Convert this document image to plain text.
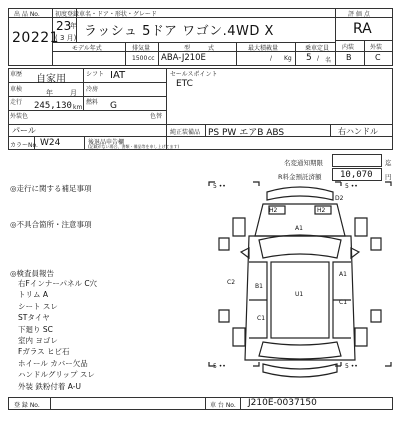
出 品 No.
20221
初度登録
23
年
( 3 月)
車名・ドア・形状・グレード
ラッシュ 5ドア ワゴン.4WD X
モデル年式	排気量
1500 cc
型　　　式
ABA-J210E
最大積載量
/ Kg
乗車定員
5 / 名
評 価 点
RA
内装	外装
B	C
車歴 自家用	シフト IAT
車検	年 月 冷房
走行 245,130 km
燃料 G
外装色	色替
パール
カラーNo. W24	後退品申告欄
(記載がない場合、書類・備品等を申し上げてます)
セールスポイント
ETC
純正装備品 PS PW エアB ABS	右ハンドル
名変通知期限	迄
R料金預託済額 10,070 円
◎走行に関する補足事項
◎不具合箇所・注意事項
◎検査員報告
右Fインナーパネル C穴
トリム A
シート スレ
STタイヤ
下廻り SC
室内 ヨゴレ
Fガラス ヒビ石
ホイール カバー欠品
ハンドルグリップ スレ
外装 鉄粉付着 A-U
5 ••	5 ••
5 ••	5 ••
D2
H2	H2
A1
C2
B1
U1
A1
C1
C1
登 録 No.	車 台 No. J210E-0037150
